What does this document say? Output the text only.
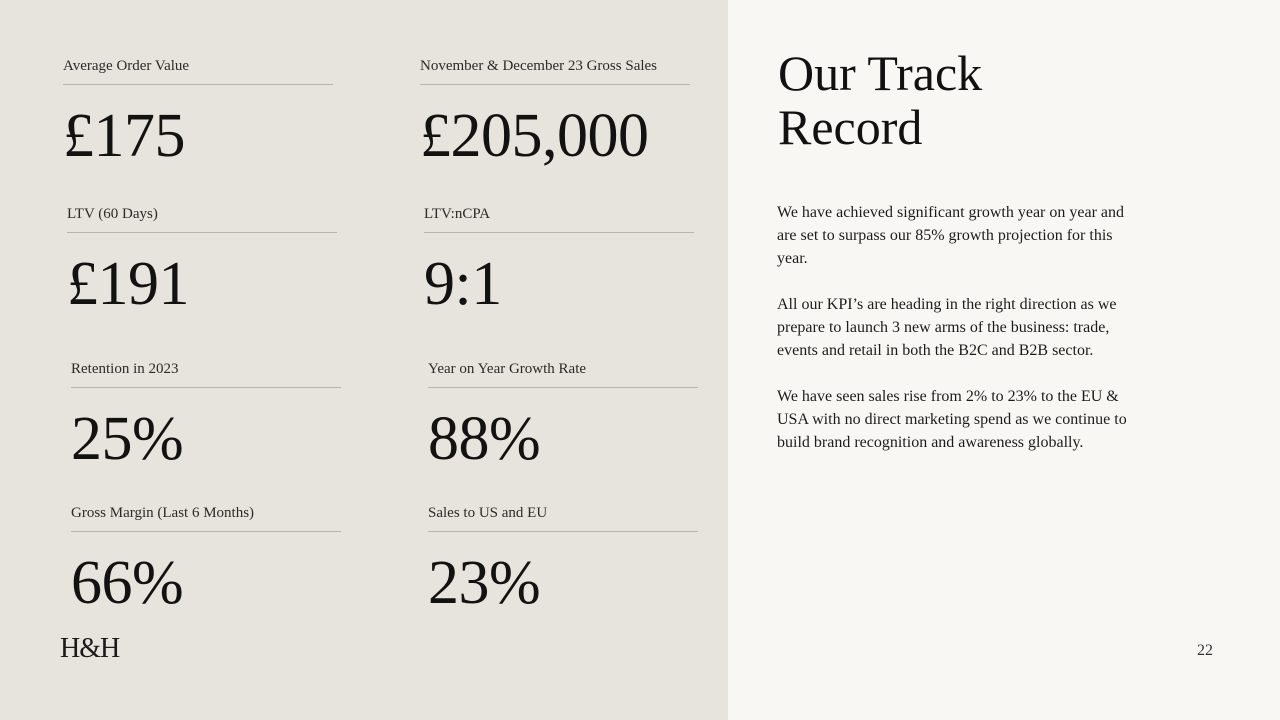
Average Order Value
£175
November & December 23 Gross Sales
£205,000
LTV (60 Days)
£191
LTV:nCPA
9:1
Retention in 2023
25%
Year on Year Growth Rate
88%
Gross Margin (Last 6 Months)
66%
Sales to US and EU
23%
H&H
Our Track
Record

We have achieved significant growth year on year and are set to surpass our 85% growth projection for this year.

All our KPI’s are heading in the right direction as we prepare to launch 3 new arms of the business: trade, events and retail in both the B2C and B2B sector.

We have seen sales rise from 2% to 23% to the EU & USA with no direct marketing spend as we continue to build brand recognition and awareness globally.

22
